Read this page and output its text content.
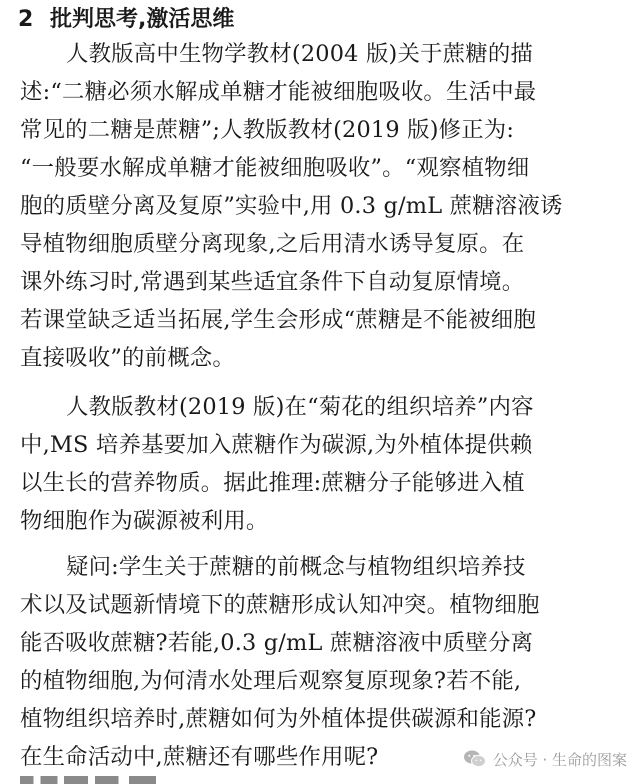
2 批判思考,激活思维
人教版高中生物学教材(2004 版)关于蔗糖的描
述:“二糖必须水解成单糖才能被细胞吸收。生活中最
常见的二糖是蔗糖”;人教版教材(2019 版)修正为:
“一般要水解成单糖才能被细胞吸收”。“观察植物细
胞的质壁分离及复原”实验中,用 0.3 g/mL 蔗糖溶液诱
导植物细胞质壁分离现象,之后用清水诱导复原。在
课外练习时,常遇到某些适宜条件下自动复原情境。
若课堂缺乏适当拓展,学生会形成“蔗糖是不能被细胞
直接吸收”的前概念。
人教版教材(2019 版)在“菊花的组织培养”内容
中,MS 培养基要加入蔗糖作为碳源,为外植体提供赖
以生长的营养物质。据此推理:蔗糖分子能够进入植
物细胞作为碳源被利用。
疑问:学生关于蔗糖的前概念与植物组织培养技
术以及试题新情境下的蔗糖形成认知冲突。植物细胞
能否吸收蔗糖?若能,0.3 g/mL 蔗糖溶液中质壁分离
的植物细胞,为何清水处理后观察复原现象?若不能,
植物组织培养时,蔗糖如何为外植体提供碳源和能源?
在生命活动中,蔗糖还有哪些作用呢?	公众号 · 生命的图案
